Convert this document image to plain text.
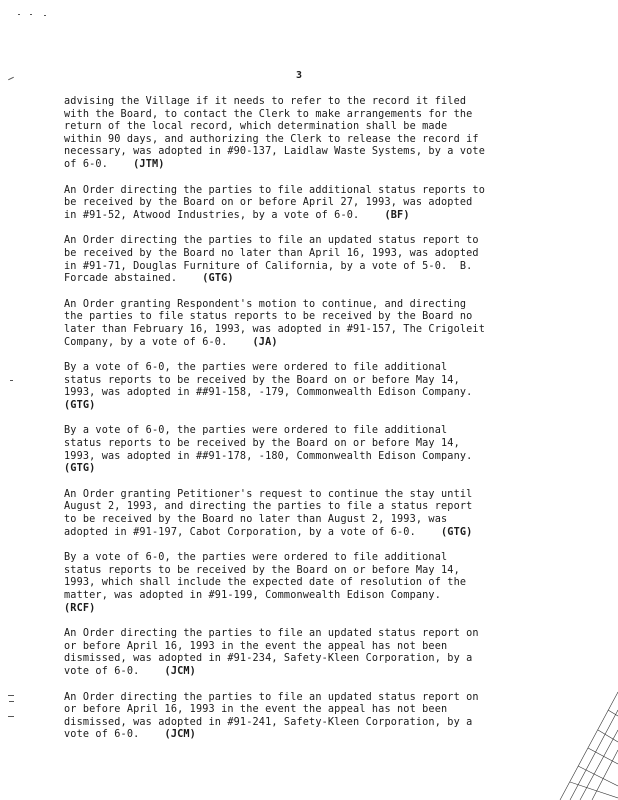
3
advising the Village if it needs to refer to the record it filed
with the Board, to contact the Clerk to make arrangements for the
return of the local record, which determination shall be made
within 90 days, and authorizing the Clerk to release the record if
necessary, was adopted in #90-137, Laidlaw Waste Systems, by a vote
of 6-0. (JTM)
An Order directing the parties to file additional status reports to
be received by the Board on or before April 27, 1993, was adopted
in #91-52, Atwood Industries, by a vote of 6-0. (BF)
An Order directing the parties to file an updated status report to
be received by the Board no later than April 16, 1993, was adopted
in #91-71, Douglas Furniture of California, by a vote of 5-0.  B.
Forcade abstained. (GTG)
An Order granting Respondent's motion to continue, and directing
the parties to file status reports to be received by the Board no
later than February 16, 1993, was adopted in #91-157, The Crigoleit
Company, by a vote of 6-0. (JA)
By a vote of 6-0, the parties were ordered to file additional
status reports to be received by the Board on or before May 14,
1993, was adopted in ##91-158, -179, Commonwealth Edison Company.
(GTG)
By a vote of 6-0, the parties were ordered to file additional
status reports to be received by the Board on or before May 14,
1993, was adopted in ##91-178, -180, Commonwealth Edison Company.
(GTG)
An Order granting Petitioner's request to continue the stay until
August 2, 1993, and directing the parties to file a status report
to be received by the Board no later than August 2, 1993, was
adopted in #91-197, Cabot Corporation, by a vote of 6-0. (GTG)
By a vote of 6-0, the parties were ordered to file additional
status reports to be received by the Board on or before May 14,
1993, which shall include the expected date of resolution of the
matter, was adopted in #91-199, Commonwealth Edison Company.
(RCF)
An Order directing the parties to file an updated status report on
or before April 16, 1993 in the event the appeal has not been
dismissed, was adopted in #91-234, Safety-Kleen Corporation, by a
vote of 6-0. (JCM)
An Order directing the parties to file an updated status report on
or before April 16, 1993 in the event the appeal has not been
dismissed, was adopted in #91-241, Safety-Kleen Corporation, by a
vote of 6-0. (JCM)
